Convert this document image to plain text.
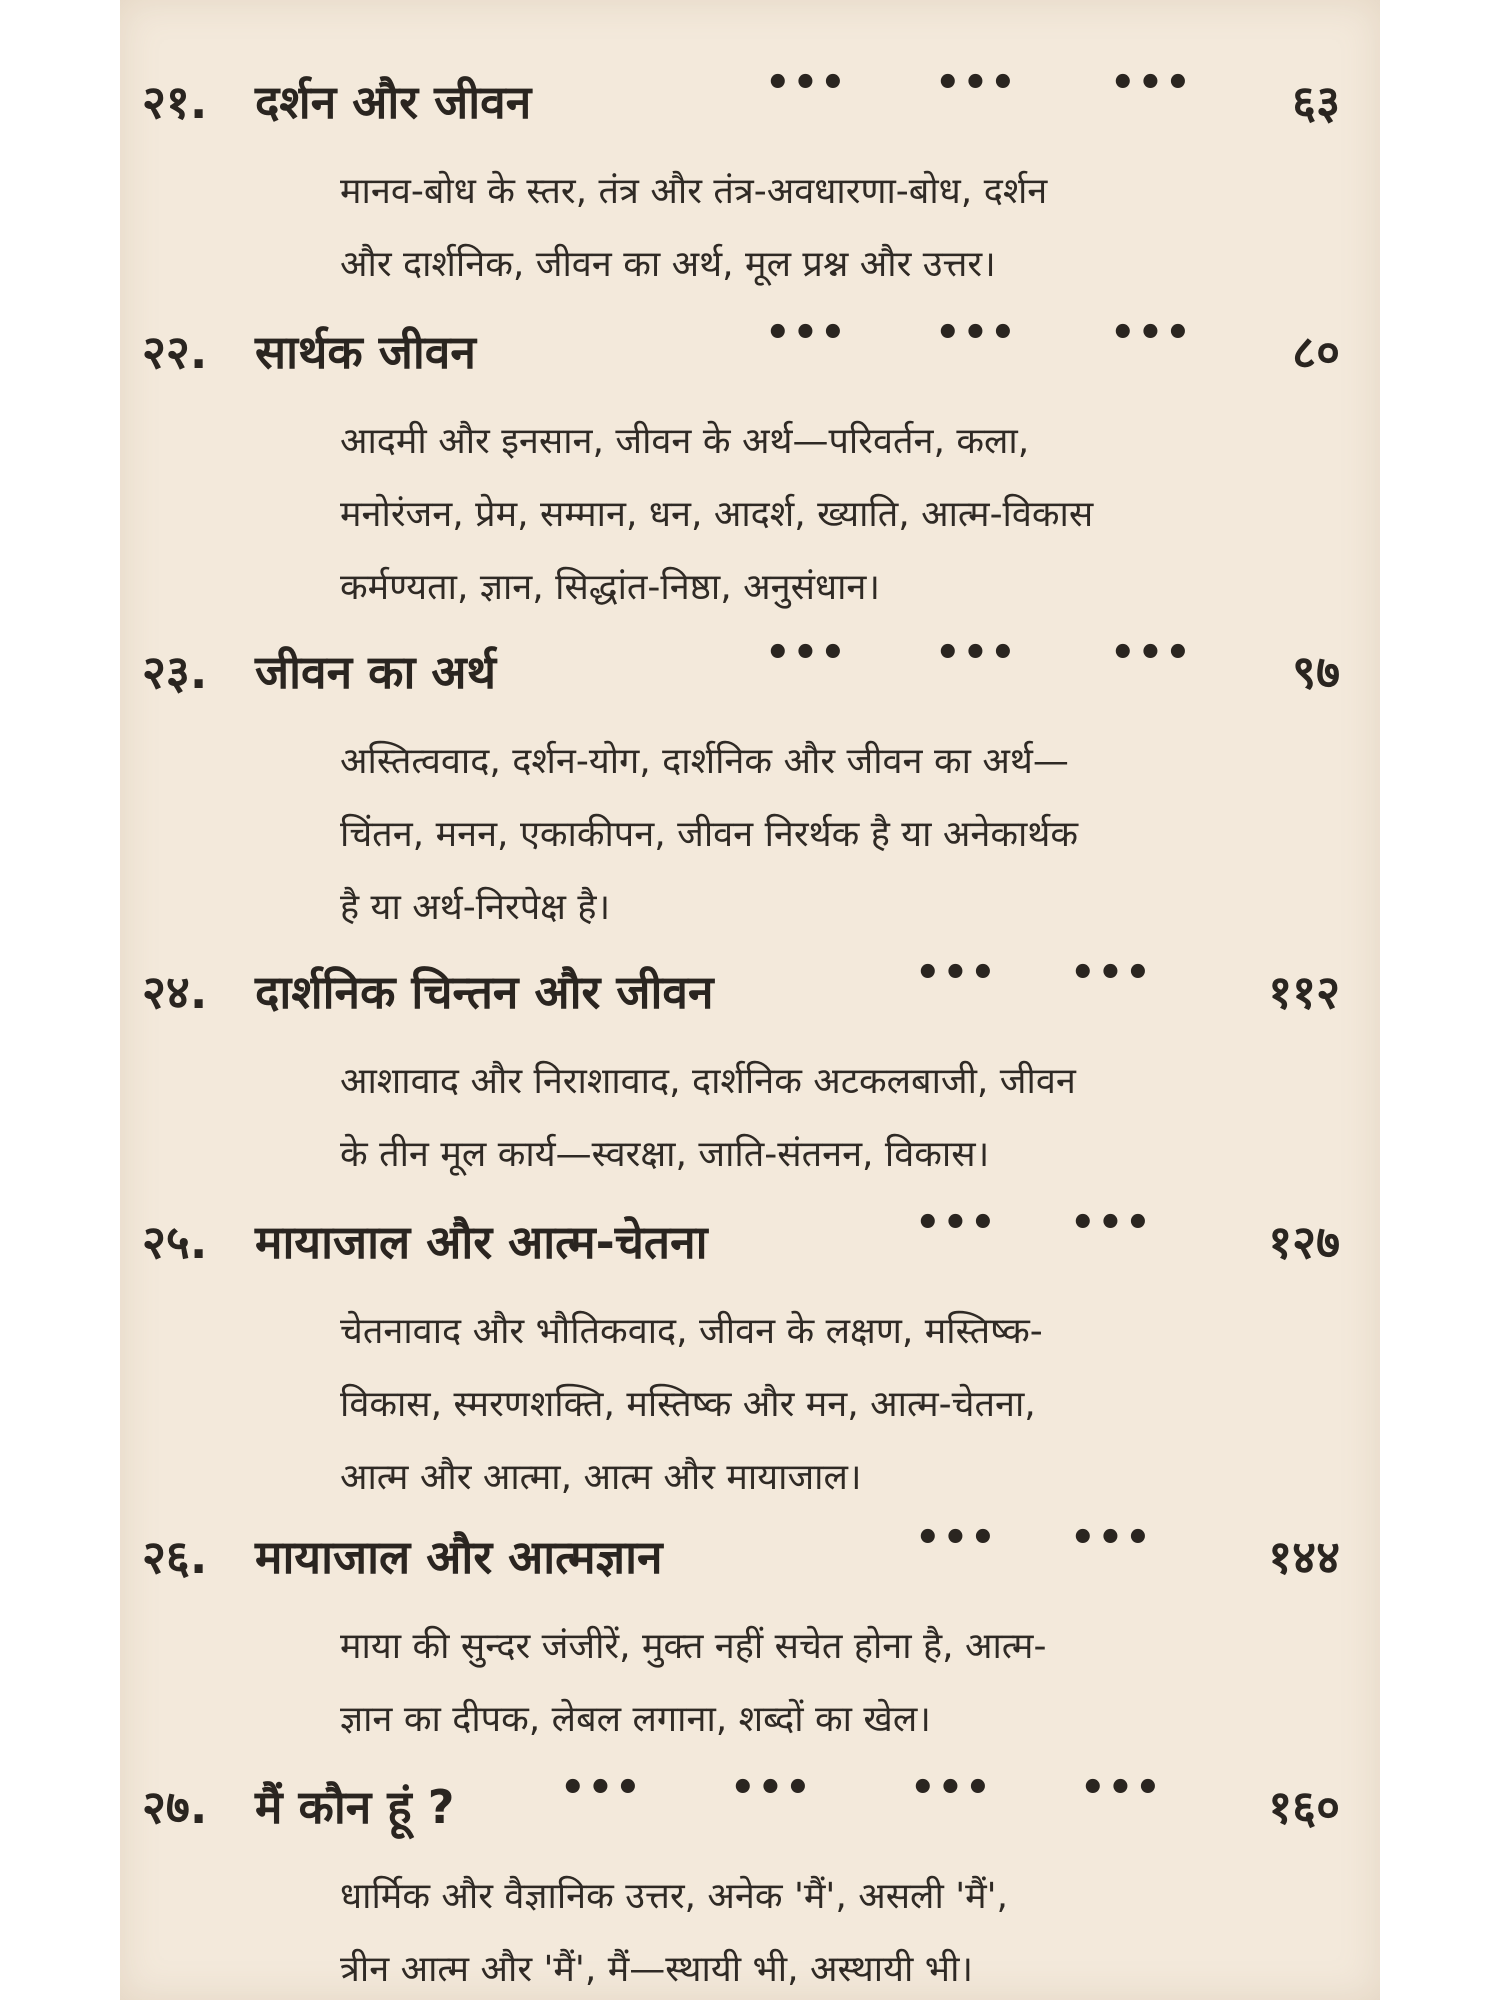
२१. दर्शन और जीवन	••• ••• ••• ६३
मानव-बोध के स्तर, तंत्र और तंत्र-अवधारणा-बोध, दर्शन
और दार्शनिक, जीवन का अर्थ, मूल प्रश्न और उत्तर।
२२. सार्थक जीवन	••• ••• ••• ८०
आदमी और इनसान, जीवन के अर्थ—परिवर्तन, कला,
मनोरंजन, प्रेम, सम्मान, धन, आदर्श, ख्याति, आत्म-विकास
कर्मण्यता, ज्ञान, सिद्धांत-निष्ठा, अनुसंधान।
२३. जीवन का अर्थ	••• ••• ••• ९७
अस्तित्ववाद, दर्शन-योग, दार्शनिक और जीवन का अर्थ—
चिंतन, मनन, एकाकीपन, जीवन निरर्थक है या अनेकार्थक
है या अर्थ-निरपेक्ष है।
२४. दार्शनिक चिन्तन और जीवन	••• •••	११२
आशावाद और निराशावाद, दार्शनिक अटकलबाजी, जीवन
के तीन मूल कार्य—स्वरक्षा, जाति-संतनन, विकास।
२५. मायाजाल और आत्म-चेतना	••• •••	१२७
चेतनावाद और भौतिकवाद, जीवन के लक्षण, मस्तिष्क-
विकास, स्मरणशक्ति, मस्तिष्क और मन, आत्म-चेतना,
आत्म और आत्मा, आत्म और मायाजाल।
२६. मायाजाल और आत्मज्ञान	••• •••	१४४
माया की सुन्दर जंजीरें, मुक्त नहीं सचेत होना है, आत्म-
ज्ञान का दीपक, लेबल लगाना, शब्दों का खेल।
२७. मैं कौन हूं ?	••• ••• ••• ••• १६०
धार्मिक और वैज्ञानिक उत्तर, अनेक 'मैं', असली 'मैं',
त्रीन आत्म और 'मैं', मैं—स्थायी भी, अस्थायी भी।
